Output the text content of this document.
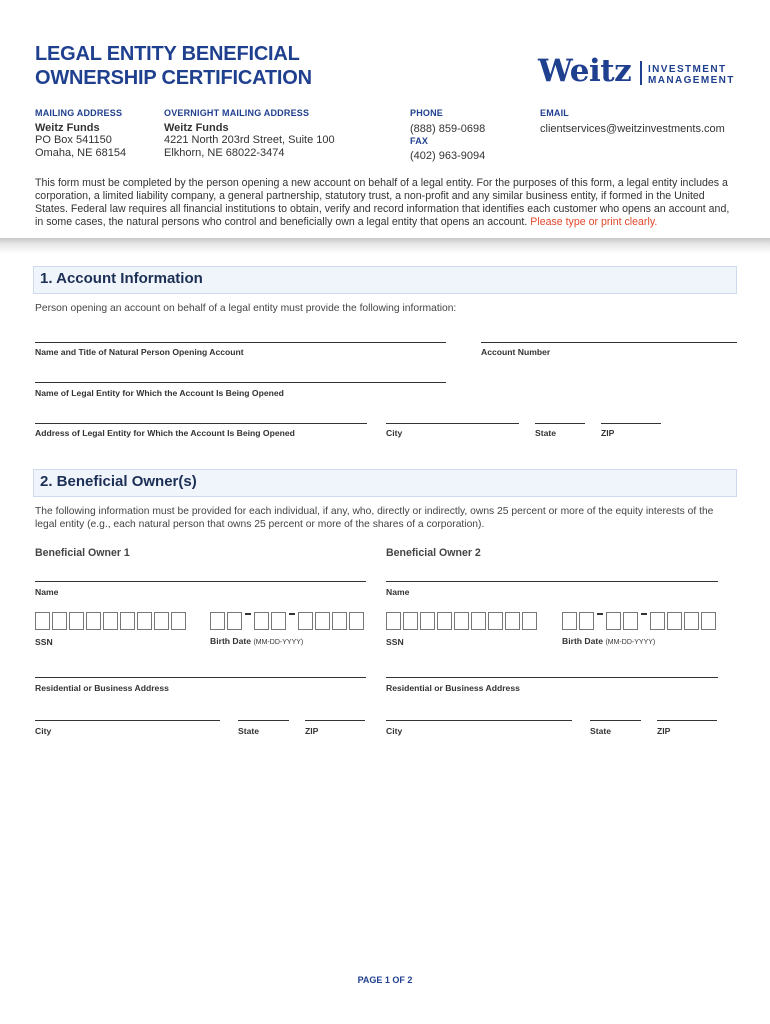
LEGAL ENTITY BENEFICIAL
OWNERSHIP CERTIFICATION	Weitz INVESTMENT
MANAGEMENT
MAILING ADDRESS
Weitz Funds
PO Box 541150
Omaha, NE 68154
OVERNIGHT MAILING ADDRESS
Weitz Funds
4221 North 203rd Street, Suite 100
Elkhorn, NE 68022-3474
PHONE
(888) 859-0698
FAX
(402) 963-9094
EMAIL
clientservices@weitzinvestments.com
This form must be completed by the person opening a new account on behalf of a legal entity. For the purposes of this form, a legal entity includes a corporation, a limited liability company, a general partnership, statutory trust, a non-profit and any similar business entity, if formed in the United States. Federal law requires all financial institutions to obtain, verify and record information that identifies each customer who opens an account and, in some cases, the natural persons who control and beneficially own a legal entity that opens an account. Please type or print clearly.
1. Account Information
Person opening an account on behalf of a legal entity must provide the following information:
Name and Title of Natural Person Opening Account	Account Number
Name of Legal Entity for Which the Account Is Being Opened
Address of Legal Entity for Which the Account Is Being Opened	City	State	ZIP
2. Beneficial Owner(s)
The following information must be provided for each individual, if any, who, directly or indirectly, owns 25 percent or more of the equity interests of the legal entity (e.g., each natural person that owns 25 percent or more of the shares of a corporation).
Beneficial Owner 1
Name
SSN	Birth Date (MM-DD-YYYY)
Residential or Business Address
City	State	ZIP
Beneficial Owner 2
Name
SSN	Birth Date (MM-DD-YYYY)
Residential or Business Address
City	State	ZIP
PAGE 1 OF 2
